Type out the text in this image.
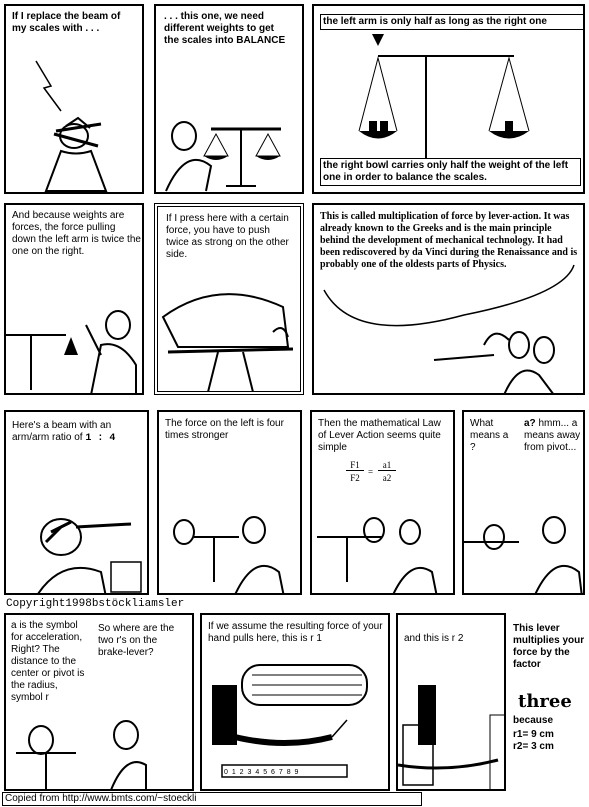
If I replace the beam of my scales with . . .
. . . this one, we need different weights to get the scales into BALANCE
the left arm is only half as long as the right one
the right bowl carries only half the weight of the left one in order to balance the scales.
And because weights are forces, the force pulling down the left arm is twice the one on the right.
If I press here with a certain force, you have to push twice as strong on the other side.
This is called multiplication of force by lever-action. It was already known to the Greeks and is the main principle behind the development of mechanical technology. It had been rediscovered by da Vinci during the Renaissance and is probably one of the oldests parts of Physics.
Here's a beam with an arm/arm ratio of 1 : 4
The force on the left is four times stronger
Then the mathematical Law of Lever Action seems quite simple
F1
F2
=
a1
a2
What means a ?
a? hmm... a means away from pivot...
Copyright1998bstöckliamsler
a is the symbol for acceleration, Right? The distance to the center or pivot is the radius, symbol r
So where are the two r's on the brake-lever?
If we assume the resulting force of your hand pulls here, this is r 1
0 1 2 3 4 5 6 7 8 9
and this is r 2
This lever multiplies your force by the factor
three
because
r1= 9 cm
r2= 3 cm
Copied from http://www.bmts.com/~stoeckli
